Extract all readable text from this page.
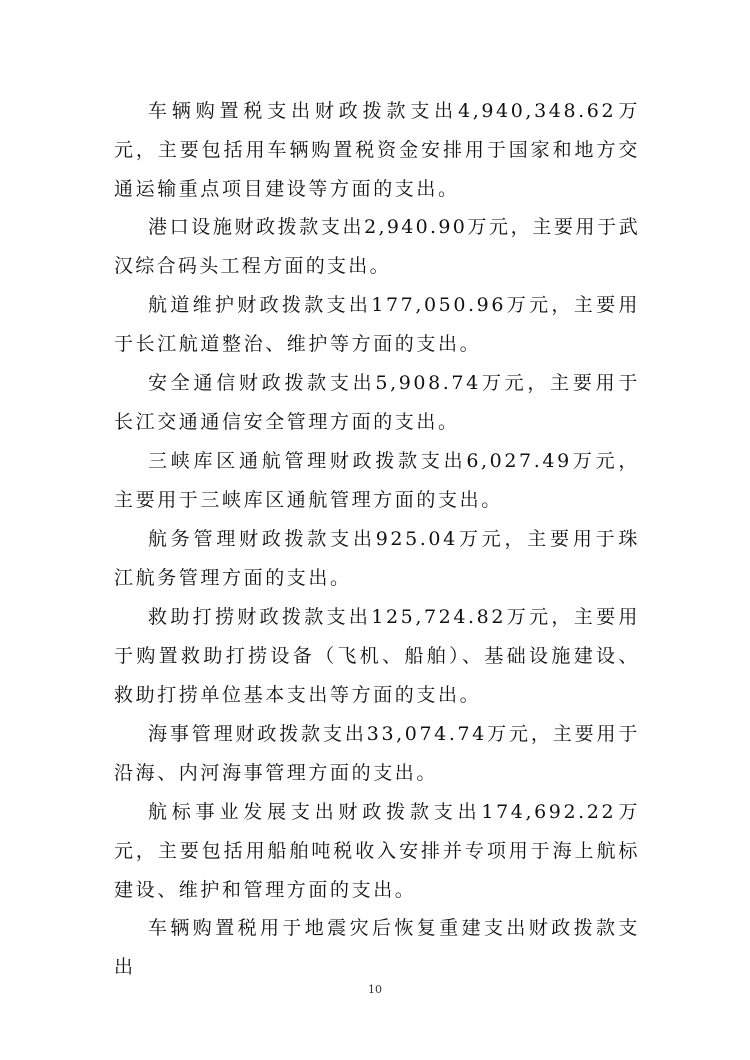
车辆购置税支出财政拨款支出4,940,348.62万元，主要包括用车辆购置税资金安排用于国家和地方交通运输重点项目建设等方面的支出。

港口设施财政拨款支出2,940.90万元，主要用于武汉综合码头工程方面的支出。

航道维护财政拨款支出177,050.96万元，主要用于长江航道整治、维护等方面的支出。

安全通信财政拨款支出5,908.74万元，主要用于长江交通通信安全管理方面的支出。

三峡库区通航管理财政拨款支出6,027.49万元，主要用于三峡库区通航管理方面的支出。

航务管理财政拨款支出925.04万元，主要用于珠江航务管理方面的支出。

救助打捞财政拨款支出125,724.82万元，主要用于购置救助打捞设备（飞机、船舶）、基础设施建设、救助打捞单位基本支出等方面的支出。

海事管理财政拨款支出33,074.74万元，主要用于沿海、内河海事管理方面的支出。

航标事业发展支出财政拨款支出174,692.22万元，主要包括用船舶吨税收入安排并专项用于海上航标建设、维护和管理方面的支出。

车辆购置税用于地震灾后恢复重建支出财政拨款支出

10
